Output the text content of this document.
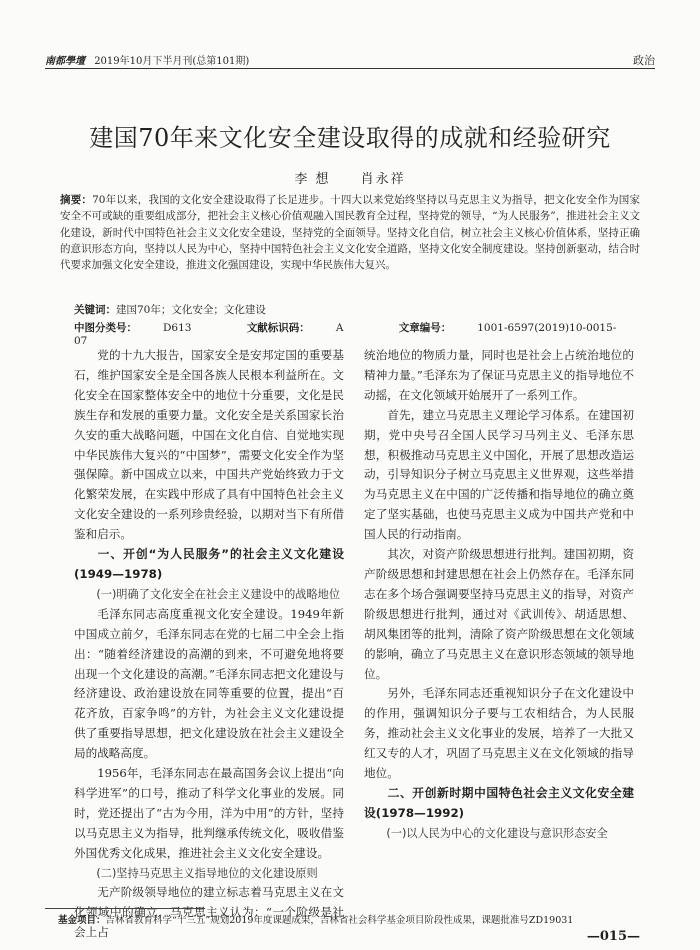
南都學壇 2019年10月下半月刊(总第101期)	政治
建国70年来文化安全建设取得的成就和经验研究
李 想 肖永祥
摘要：70年以来，我国的文化安全建设取得了长足进步。十四大以来党始终坚持以马克思主义为指导，把文化安全作为国家安全不可或缺的重要组成部分，把社会主义核心价值观融入国民教育全过程，坚持党的领导，“为人民服务”，推进社会主义文化建设，新时代中国特色社会主义文化安全建设，坚持党的全面领导。坚持文化自信，树立社会主义核心价值体系，坚持正确的意识形态方向，坚持以人民为中心，坚持中国特色社会主义文化安全道路，坚持文化安全制度建设。坚持创新驱动，结合时代要求加强文化安全建设，推进文化强国建设，实现中华民族伟大复兴。
关键词：建国70年；文化安全；文化建设
中图分类号： D613	文献标识码： A	文章编号： 1001-6597(2019)10-0015-07

党的十九大报告，国家安全是安邦定国的重要基石，维护国家安全是全国各族人民根本利益所在。文化安全在国家整体安全中的地位十分重要，文化是民族生存和发展的重要力量。文化安全是关系国家长治久安的重大战略问题，中国在文化自信、自觉地实现中华民族伟大复兴的“中国梦”，需要文化安全作为坚强保障。新中国成立以来，中国共产党始终致力于文化繁荣发展，在实践中形成了具有中国特色社会主义文化安全建设的一系列珍贵经验，以期对当下有所借鉴和启示。

一、开创“为人民服务”的社会主义文化建设(1949—1978)

(一)明确了文化安全在社会主义建设中的战略地位

毛泽东同志高度重视文化安全建设。1949年新中国成立前夕，毛泽东同志在党的七届二中全会上指出：“随着经济建设的高潮的到来，不可避免地将要出现一个文化建设的高潮。”毛泽东同志把文化建设与经济建设、政治建设放在同等重要的位置，提出“百花齐放，百家争鸣”的方针，为社会主义文化建设提供了重要指导思想，把文化建设放在社会主义建设全局的战略高度。

1956年，毛泽东同志在最高国务会议上提出“向科学进军”的口号，推动了科学文化事业的发展。同时，党还提出了“古为今用，洋为中用”的方针，坚持以马克思主义为指导，批判继承传统文化，吸收借鉴外国优秀文化成果，推进社会主义文化安全建设。

(二)坚持马克思主义指导地位的文化建设原则

无产阶级领导地位的建立标志着马克思主义在文化领域中的确立，马克思主义认为：“一个阶级是社会上占

统治地位的物质力量，同时也是社会上占统治地位的精神力量。”毛泽东为了保证马克思主义的指导地位不动摇，在文化领域开始展开了一系列工作。

首先，建立马克思主义理论学习体系。在建国初期，党中央号召全国人民学习马列主义、毛泽东思想，积极推动马克思主义中国化，开展了思想改造运动，引导知识分子树立马克思主义世界观，这些举措为马克思主义在中国的广泛传播和指导地位的确立奠定了坚实基础，也使马克思主义成为中国共产党和中国人民的行动指南。

其次，对资产阶级思想进行批判。建国初期，资产阶级思想和封建思想在社会上仍然存在。毛泽东同志在多个场合强调要坚持马克思主义的指导，对资产阶级思想进行批判，通过对《武训传》、胡适思想、胡风集团等的批判，清除了资产阶级思想在文化领域的影响，确立了马克思主义在意识形态领域的领导地位。

另外，毛泽东同志还重视知识分子在文化建设中的作用，强调知识分子要与工农相结合，为人民服务，推动社会主义文化事业的发展，培养了一大批又红又专的人才，巩固了马克思主义在文化领域的指导地位。

二、开创新时期中国特色社会主义文化安全建设(1978—1992)

(一)以人民为中心的文化建设与意识形态安全

基金项目：吉林省教育科学“十三五”规划2019年度课题成果，吉林省社会科学基金项目阶段性成果，课题批准号ZD19031
—015—
